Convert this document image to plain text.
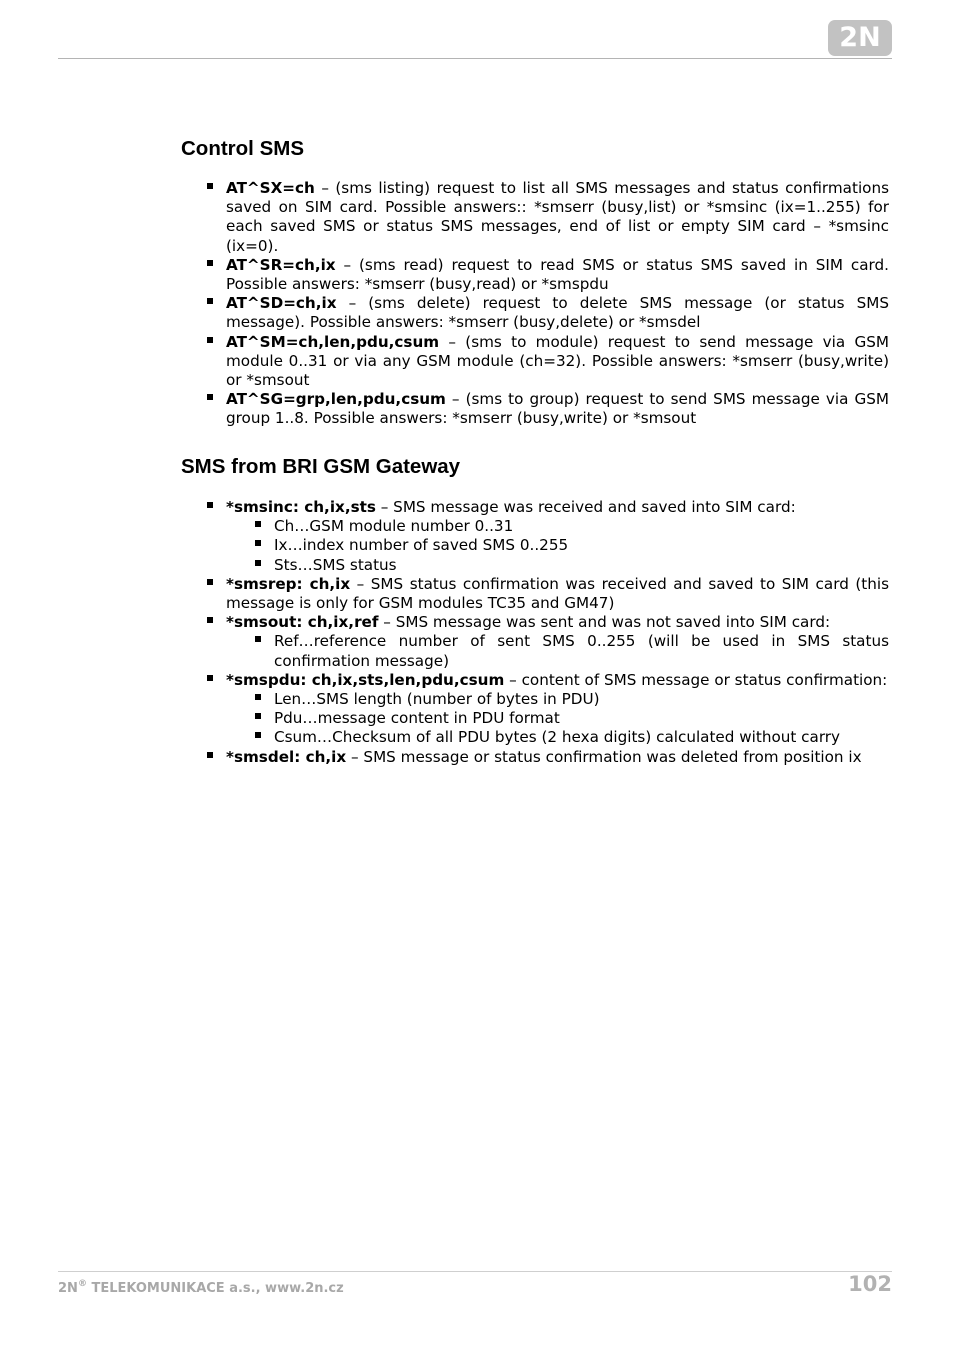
2N
Control SMS
AT^SX=ch – (sms listing) request to list all SMS messages and status confirmations saved on SIM card. Possible answers:: *smserr (busy,list) or *smsinc (ix=1..255) for each saved SMS or status SMS messages, end of list or empty SIM card – *smsinc (ix=0).
AT^SR=ch,ix – (sms read) request to read SMS or status SMS saved in SIM card. Possible answers: *smserr (busy,read) or *smspdu
AT^SD=ch,ix – (sms delete) request to delete SMS message (or status SMS message). Possible answers: *smserr (busy,delete) or *smsdel
AT^SM=ch,len,pdu,csum – (sms to module) request to send message via GSM module 0..31 or via any GSM module (ch=32). Possible answers: *smserr (busy,write) or *smsout
AT^SG=grp,len,pdu,csum – (sms to group) request to send SMS message via GSM group 1..8. Possible answers: *smserr (busy,write) or *smsout
SMS from BRI GSM Gateway
*smsinc: ch,ix,sts – SMS message was received and saved into SIM card:
Ch…GSM module number 0..31
Ix…index number of saved SMS 0..255
Sts…SMS status
*smsrep: ch,ix – SMS status confirmation was received and saved to SIM card (this message is only for GSM modules TC35 and GM47)
*smsout: ch,ix,ref – SMS message was sent and was not saved into SIM card:
Ref…reference number of sent SMS 0..255 (will be used in SMS status confirmation message)
*smspdu: ch,ix,sts,len,pdu,csum – content of SMS message or status confirmation:
Len…SMS length (number of bytes in PDU)
Pdu…message content in PDU format
Csum…Checksum of all PDU bytes (2 hexa digits) calculated without carry
*smsdel: ch,ix – SMS message or status confirmation was deleted from position ix
2N® TELEKOMUNIKACE a.s., www.2n.cz	102
